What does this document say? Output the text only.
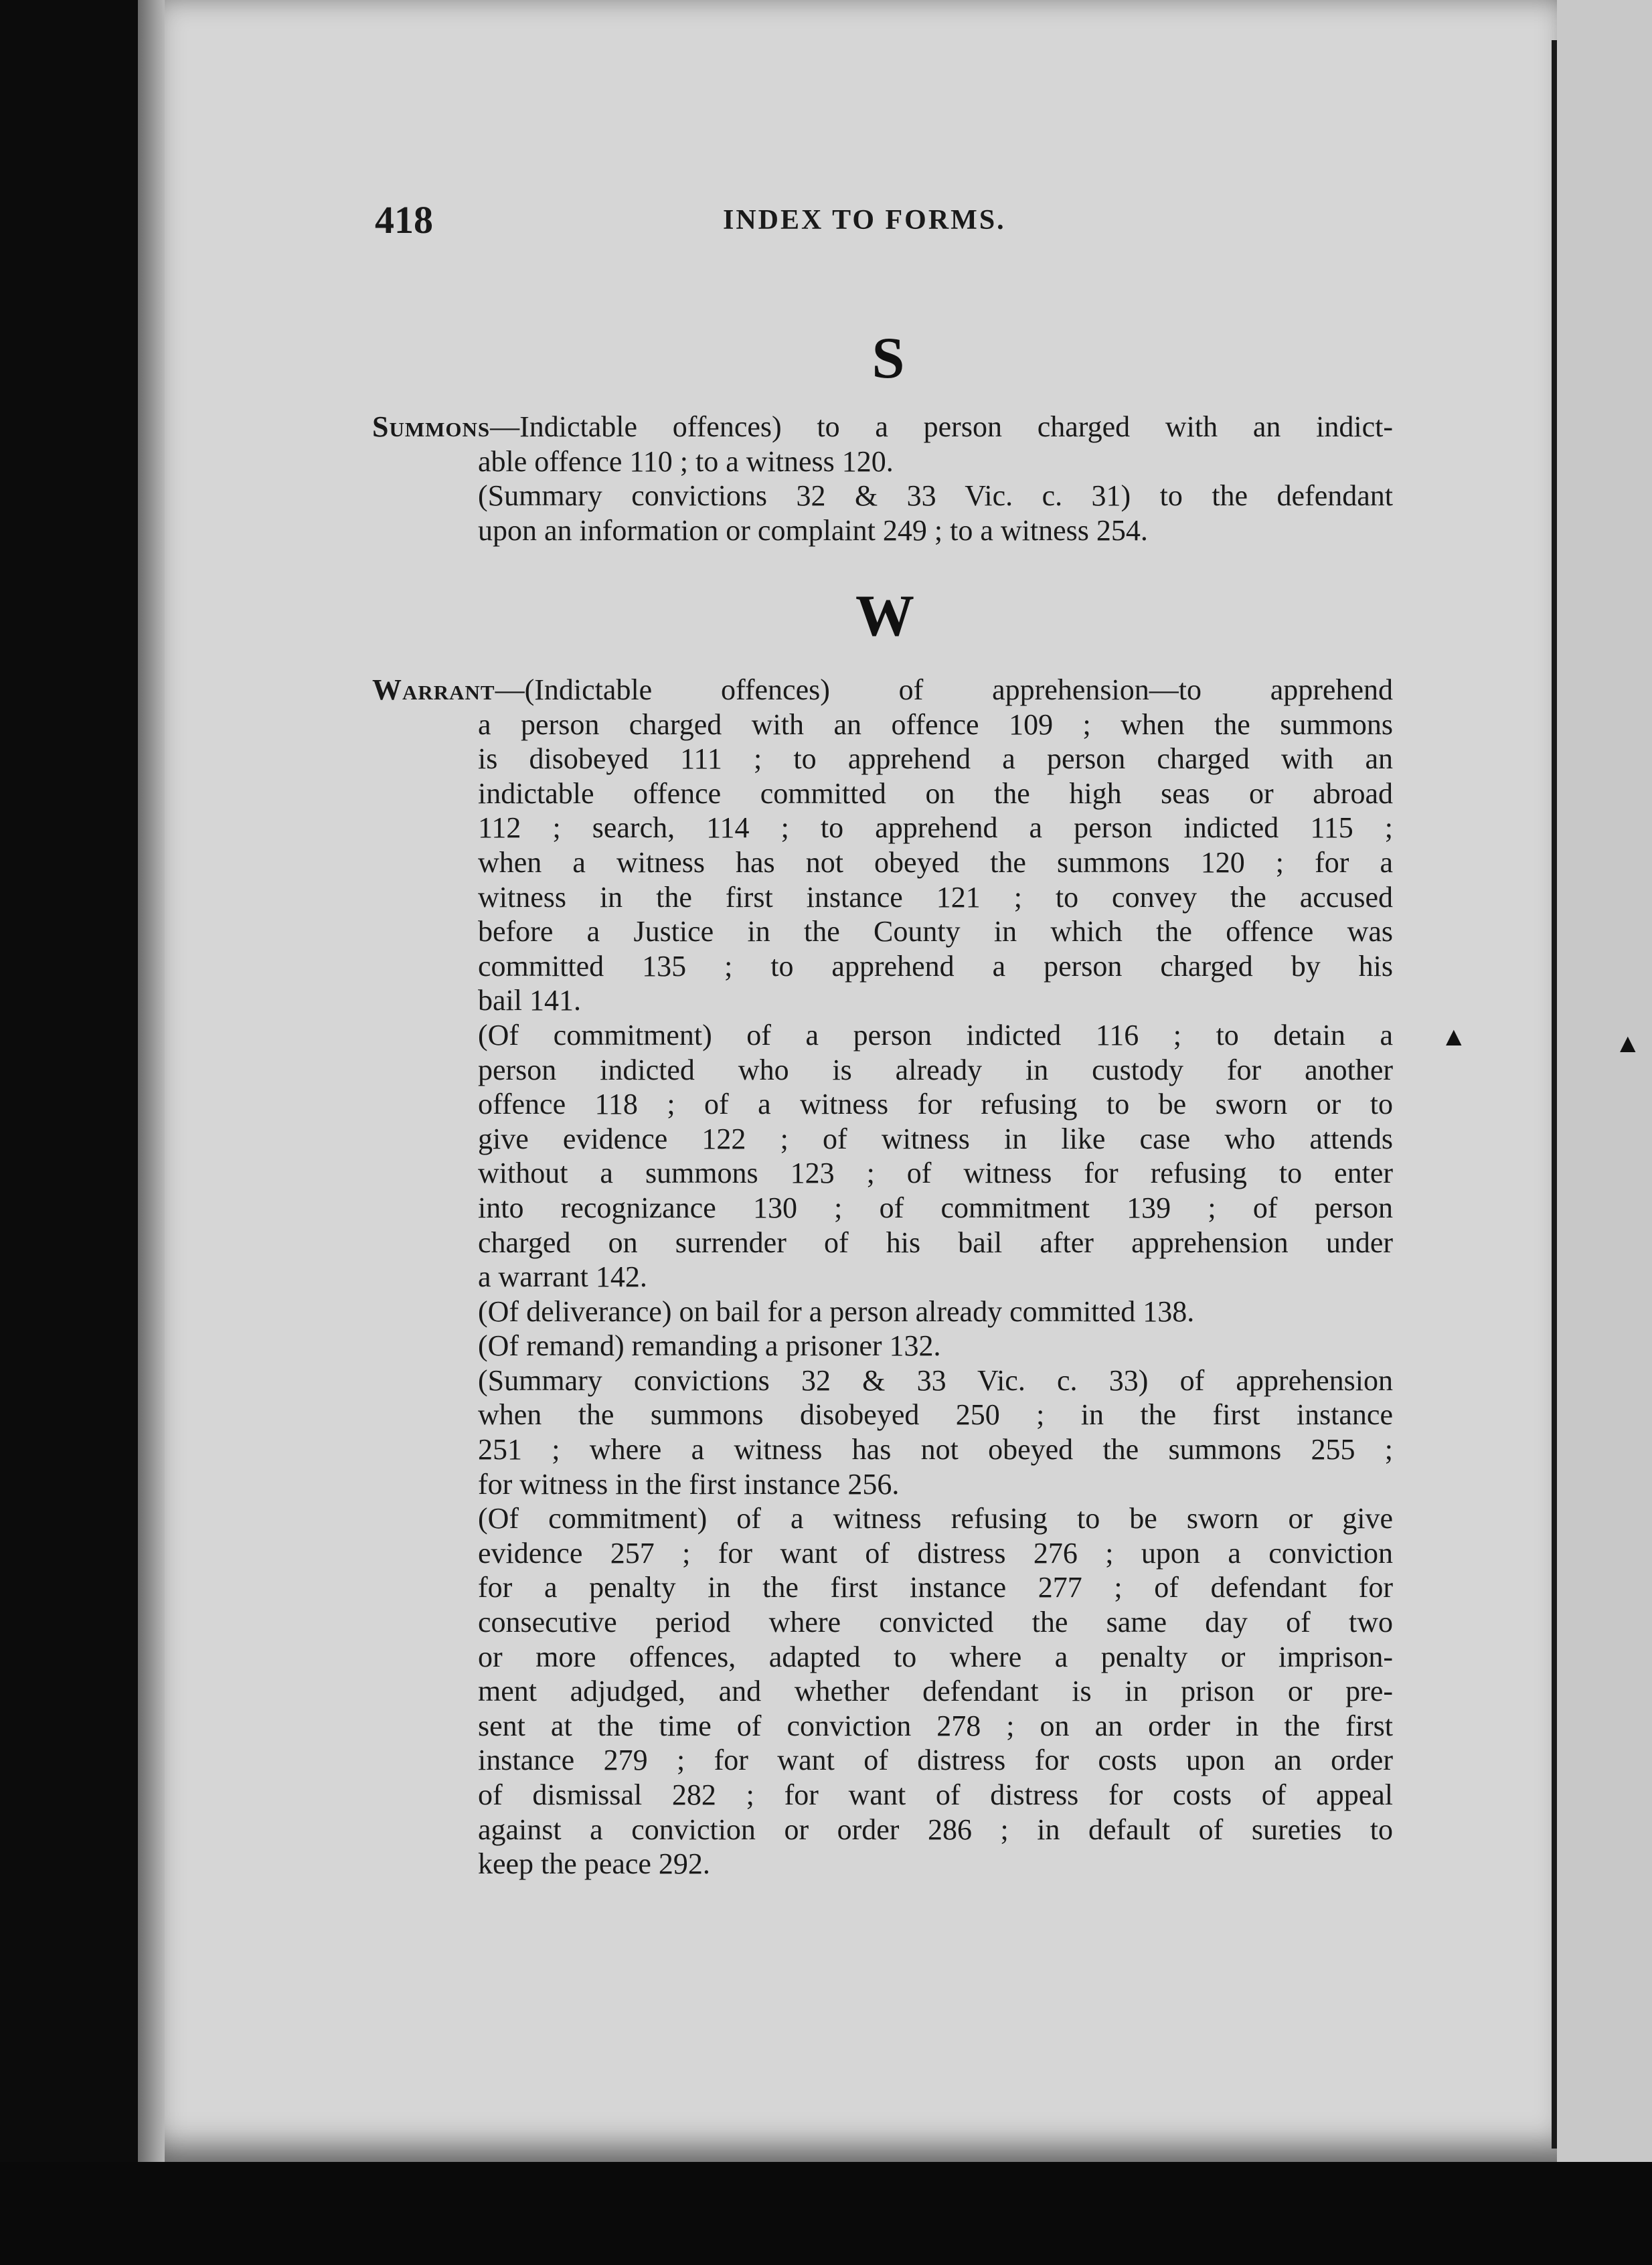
418	INDEX TO FORMS.
S
Summons—Indictable offences) to a person charged with an indict-
able offence 110 ; to a witness 120.
(Summary convictions 32 & 33 Vic. c. 31) to the defendant
upon an information or complaint 249 ; to a witness 254.
W
Warrant—(Indictable offences) of apprehension—to apprehend
a person charged with an offence 109 ; when the summons
is disobeyed 111 ; to apprehend a person charged with an
indictable offence committed on the high seas or abroad
112 ; search, 114 ; to apprehend a person indicted 115 ;
when a witness has not obeyed the summons 120 ; for a
witness in the first instance 121 ; to convey the accused
before a Justice in the County in which the offence was
committed 135 ; to apprehend a person charged by his
bail 141.
(Of commitment) of a person indicted 116 ; to detain a
person indicted who is already in custody for another
offence 118 ; of a witness for refusing to be sworn or to
give evidence 122 ; of witness in like case who attends
without a summons 123 ; of witness for refusing to enter
into recognizance 130 ; of commitment 139 ; of person
charged on surrender of his bail after apprehension under
a warrant 142.
(Of deliverance) on bail for a person already committed 138.
(Of remand) remanding a prisoner 132.
(Summary convictions 32 & 33 Vic. c. 33) of apprehension
when the summons disobeyed 250 ; in the first instance
251 ; where a witness has not obeyed the summons 255 ;
for witness in the first instance 256.
(Of commitment) of a witness refusing to be sworn or give
evidence 257 ; for want of distress 276 ; upon a conviction
for a penalty in the first instance 277 ; of defendant for
consecutive period where convicted the same day of two
or more offences, adapted to where a penalty or imprison-
ment adjudged, and whether defendant is in prison or pre-
sent at the time of conviction 278 ; on an order in the first
instance 279 ; for want of distress for costs upon an order
of dismissal 282 ; for want of distress for costs of appeal
against a conviction or order 286 ; in default of sureties to
keep the peace 292.
▲	▲
